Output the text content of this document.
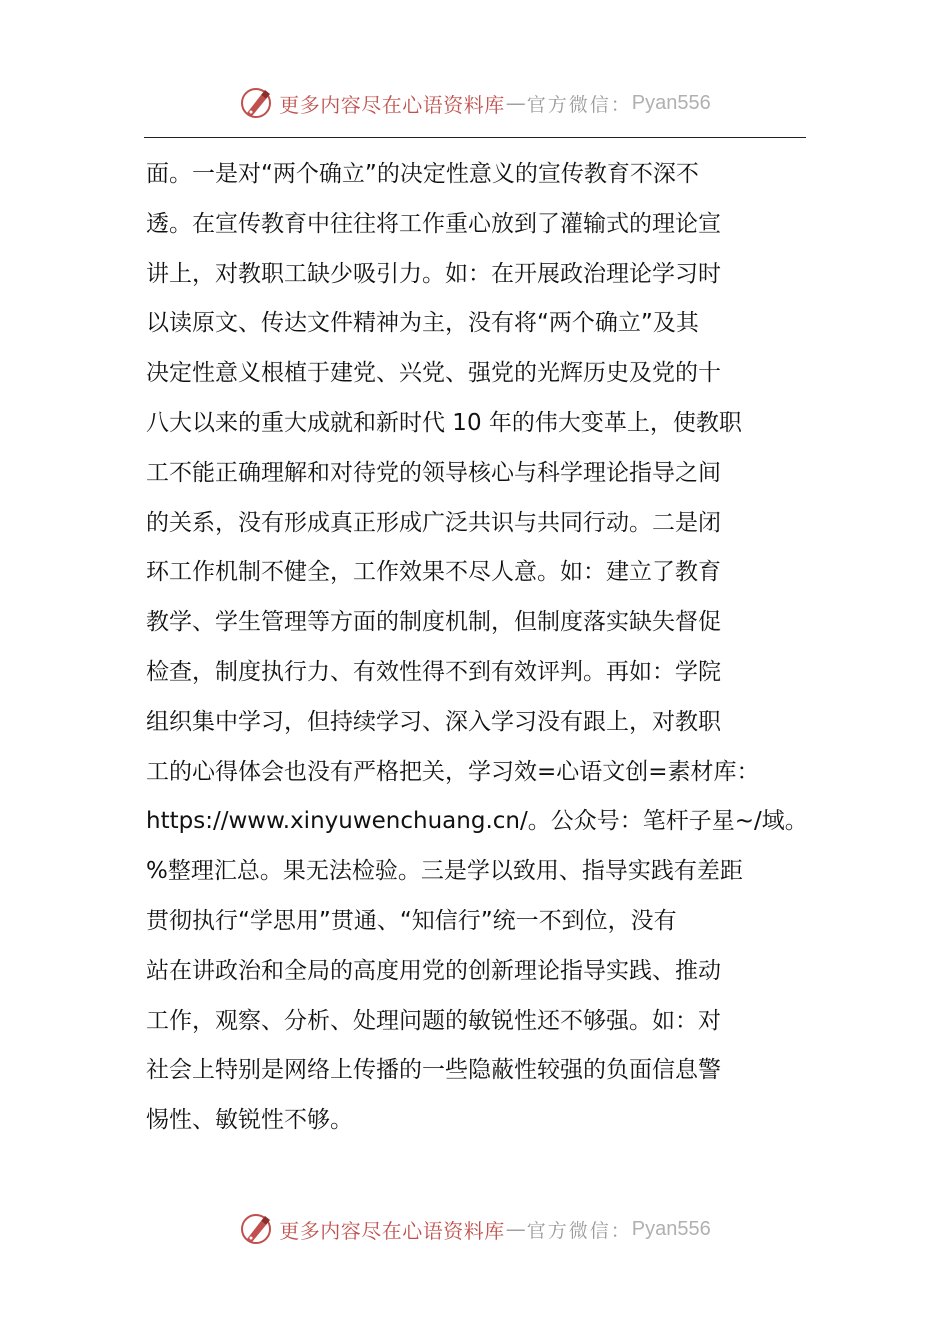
更多内容尽在心语资料库 — 官方微信： Pyan556
面。一是对“两个确立”的决定性意义的宣传教育不深不
透。在宣传教育中往往将工作重心放到了灌输式的理论宣
讲上，对教职工缺少吸引力。如：在开展政治理论学习时
以读原文、传达文件精神为主，没有将“两个确立”及其
决定性意义根植于建党、兴党、强党的光辉历史及党的十
八大以来的重大成就和新时代 10 年的伟大变革上，使教职
工不能正确理解和对待党的领导核心与科学理论指导之间
的关系，没有形成真正形成广泛共识与共同行动。二是闭
环工作机制不健全，工作效果不尽人意。如：建立了教育
教学、学生管理等方面的制度机制，但制度落实缺失督促
检查，制度执行力、有效性得不到有效评判。再如：学院
组织集中学习，但持续学习、深入学习没有跟上，对教职
工的心得体会也没有严格把关，学习效=心语文创=素材库：
https://www.xinyuwenchuang.cn/。公众号：笔杆子星~/域。
%整理汇总。果无法检验。三是学以致用、指导实践有差距
贯彻执行“学思用”贯通、“知信行”统一不到位，没有
站在讲政治和全局的高度用党的创新理论指导实践、推动
工作，观察、分析、处理问题的敏锐性还不够强。如：对
社会上特别是网络上传播的一些隐蔽性较强的负面信息警
惕性、敏锐性不够。
更多内容尽在心语资料库 — 官方微信： Pyan556
